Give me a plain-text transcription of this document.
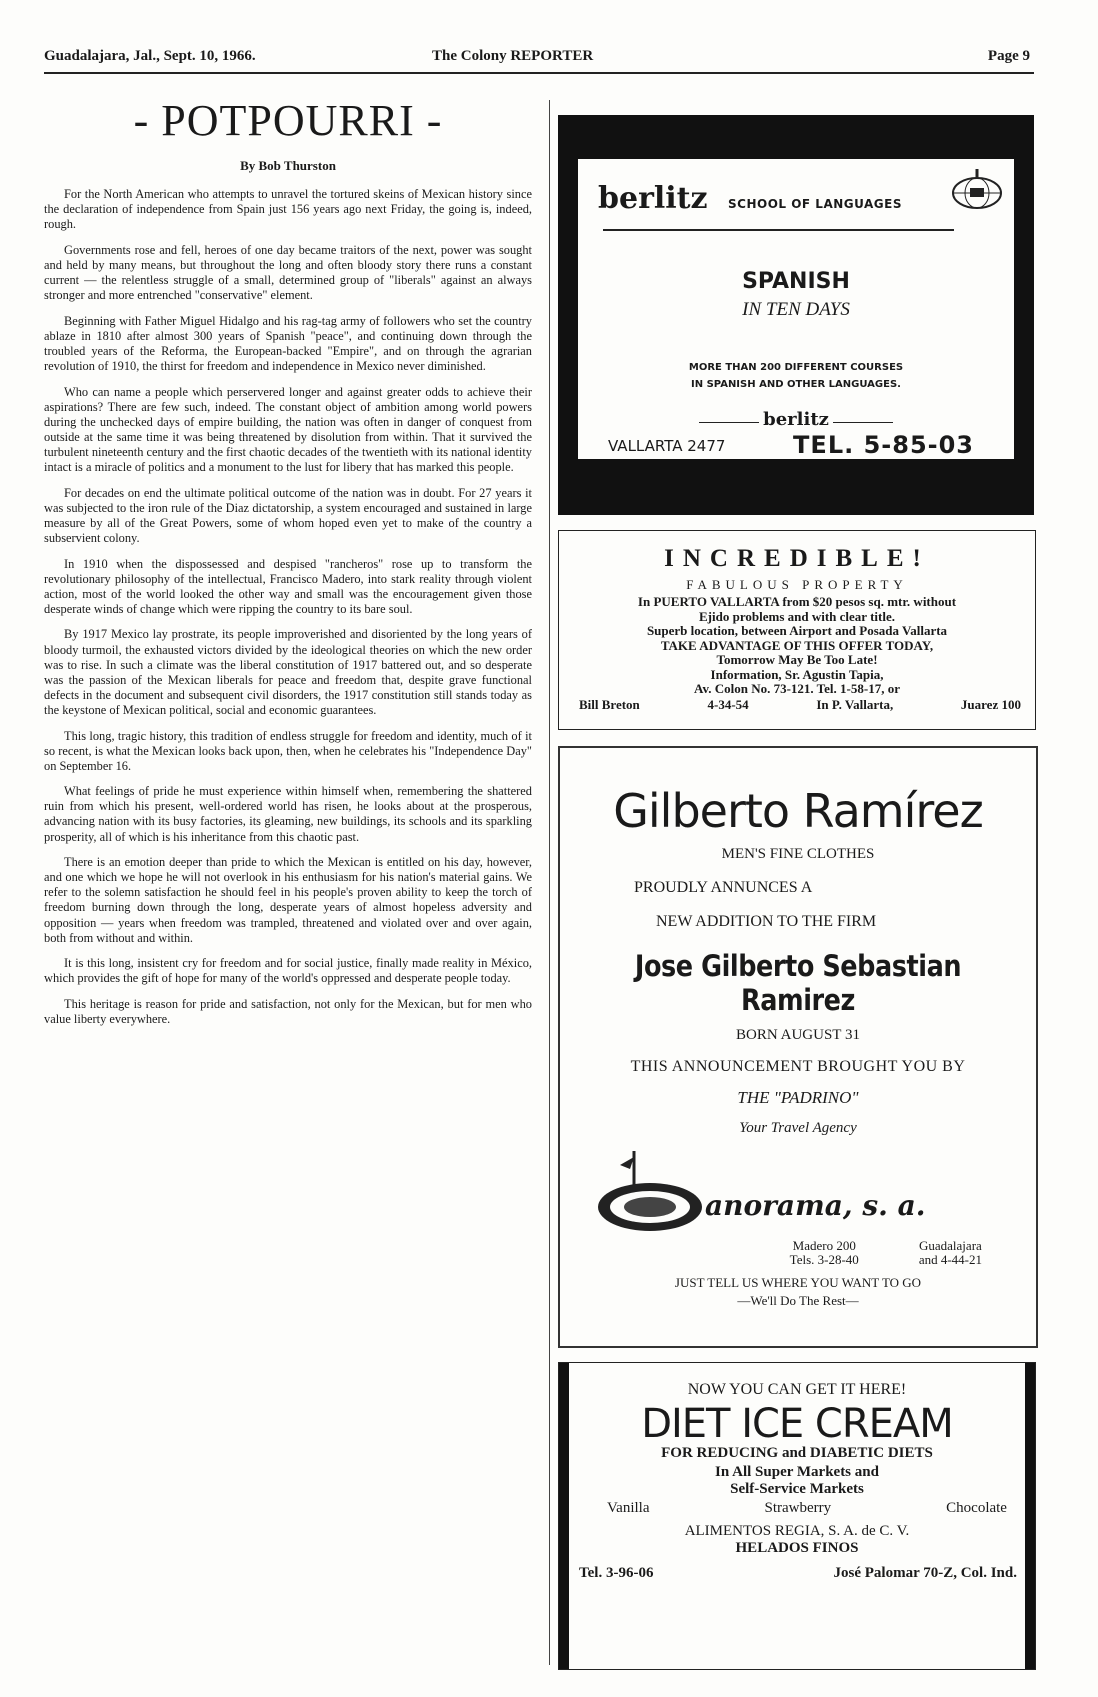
Guadalajara, Jal., Sept. 10, 1966.	The Colony REPORTER	Page 9
- POTPOURRI -
By Bob Thurston

For the North American who attempts to unravel the tortured skeins of Mexican history since the declaration of independence from Spain just 156 years ago next Friday, the going is, indeed, rough.

Governments rose and fell, heroes of one day became traitors of the next, power was sought and held by many means, but throughout the long and often bloody story there runs a constant current — the relentless struggle of a small, determined group of "liberals" against an always stronger and more entrenched "conservative" element.

Beginning with Father Miguel Hidalgo and his rag-tag army of followers who set the country ablaze in 1810 after almost 300 years of Spanish "peace", and continuing down through the troubled years of the Reforma, the European-backed "Empire", and on through the agrarian revolution of 1910, the thirst for freedom and independence in Mexico never diminished.

Who can name a people which perservered longer and against greater odds to achieve their aspirations? There are few such, indeed. The constant object of ambition among world powers during the unchecked days of empire building, the nation was often in danger of conquest from outside at the same time it was being threatened by disolution from within. That it survived the turbulent nineteenth century and the first chaotic decades of the twentieth with its national identity intact is a miracle of politics and a monument to the lust for libery that has marked this people.

For decades on end the ultimate political outcome of the nation was in doubt. For 27 years it was subjected to the iron rule of the Diaz dictatorship, a system encouraged and sustained in large measure by all of the Great Powers, some of whom hoped even yet to make of the country a subservient colony.

In 1910 when the dispossessed and despised "rancheros" rose up to transform the revolutionary philosophy of the intellectual, Francisco Madero, into stark reality through violent action, most of the world looked the other way and small was the encouragement given those desperate winds of change which were ripping the country to its bare soul.

By 1917 Mexico lay prostrate, its people improverished and disoriented by the long years of bloody turmoil, the exhausted victors divided by the ideological theories on which the new order was to rise. In such a climate was the liberal constitution of 1917 battered out, and so desperate was the passion of the Mexican liberals for peace and freedom that, despite grave functional defects in the document and subsequent civil disorders, the 1917 constitution still stands today as the keystone of Mexican political, social and economic guarantees.

This long, tragic history, this tradition of endless struggle for freedom and identity, much of it so recent, is what the Mexican looks back upon, then, when he celebrates his "Independence Day" on September 16.

What feelings of pride he must experience within himself when, remembering the shattered ruin from which his present, well-ordered world has risen, he looks about at the prosperous, advancing nation with its busy factories, its gleaming, new buildings, its schools and its sparkling prosperity, all of which is his inheritance from this chaotic past.

There is an emotion deeper than pride to which the Mexican is entitled on his day, however, and one which we hope he will not overlook in his enthusiasm for his nation's material gains. We refer to the solemn satisfaction he should feel in his people's proven ability to keep the torch of freedom burning down through the long, desperate years of almost hopeless adversity and opposition — years when freedom was trampled, threatened and violated over and over again, both from without and within.

It is this long, insistent cry for freedom and for social justice, finally made reality in México, which provides the gift of hope for many of the world's oppressed and desperate people today.

This heritage is reason for pride and satisfaction, not only for the Mexican, but for men who value liberty everywhere.

berlitz SCHOOL OF LANGUAGES
SPANISH
IN TEN DAYS
MORE THAN 200 DIFFERENT COURSES
IN SPANISH AND OTHER LANGUAGES.
berlitz
VALLARTA 2477	TEL. 5-85-03
INCREDIBLE!
FABULOUS PROPERTY
In PUERTO VALLARTA from $20 pesos sq. mtr. without
Ejido problems and with clear title.
Superb location, between Airport and Posada Vallarta
TAKE ADVANTAGE OF THIS OFFER TODAY,
Tomorrow May Be Too Late!
Information, Sr. Agustin Tapia,
Av. Colon No. 73-121. Tel. 1-58-17, or
Bill Breton	4-34-54	In P. Vallarta,	Juarez 100
Gilberto Ramírez
MEN'S FINE CLOTHES
PROUDLY ANNUNCES A
NEW ADDITION TO THE FIRM
Jose Gilberto Sebastian Ramirez
BORN AUGUST 31
THIS ANNOUNCEMENT BROUGHT YOU BY
THE "PADRINO"
Your Travel Agency
anorama, s. a.
Madero 200
Tels. 3-28-40
Guadalajara
and 4-44-21
JUST TELL US WHERE YOU WANT TO GO
—We'll Do The Rest—
NOW YOU CAN GET IT HERE!
DIET ICE CREAM
FOR REDUCING and DIABETIC DIETS
In All Super Markets and
Self-Service Markets
Vanilla	Strawberry	Chocolate
ALIMENTOS REGIA, S. A. de C. V.
HELADOS FINOS
Tel. 3-96-06	José Palomar 70-Z, Col. Ind.
